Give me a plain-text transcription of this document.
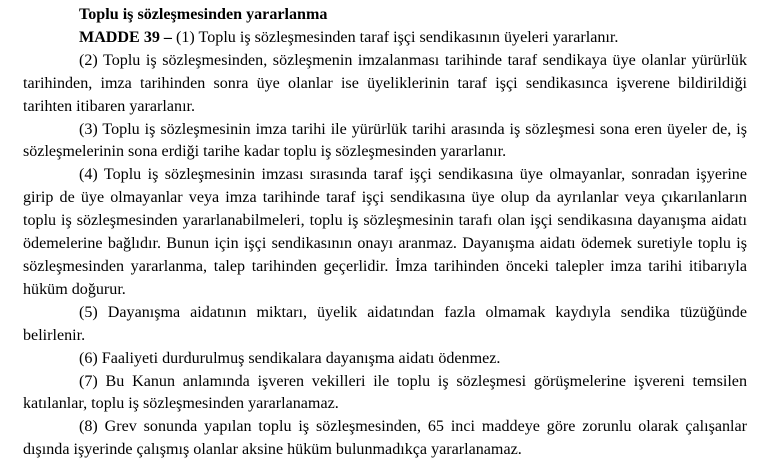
Toplu iş sözleşmesinden yararlanma

MADDE 39 – (1) Toplu iş sözleşmesinden taraf işçi sendikasının üyeleri yararlanır.

(2) Toplu iş sözleşmesinden, sözleşmenin imzalanması tarihinde taraf sendikaya üye olanlar yürürlük tarihinden, imza tarihinden sonra üye olanlar ise üyeliklerinin taraf işçi sendikasınca işverene bildirildiği tarihten itibaren yararlanır.

(3) Toplu iş sözleşmesinin imza tarihi ile yürürlük tarihi arasında iş sözleşmesi sona eren üyeler de, iş sözleşmelerinin sona erdiği tarihe kadar toplu iş sözleşmesinden yararlanır.

(4) Toplu iş sözleşmesinin imzası sırasında taraf işçi sendikasına üye olmayanlar, sonradan işyerine girip de üye olmayanlar veya imza tarihinde taraf işçi sendikasına üye olup da ayrılanlar veya çıkarılanların toplu iş sözleşmesinden yararlanabilmeleri, toplu iş sözleşmesinin tarafı olan işçi sendikasına dayanışma aidatı ödemelerine bağlıdır. Bunun için işçi sendikasının onayı aranmaz. Dayanışma aidatı ödemek suretiyle toplu iş sözleşmesinden yararlanma, talep tarihinden geçerlidir. İmza tarihinden önceki talepler imza tarihi itibarıyla hüküm doğurur.

(5) Dayanışma aidatının miktarı, üyelik aidatından fazla olmamak kaydıyla sendika tüzüğünde belirlenir.

(6) Faaliyeti durdurulmuş sendikalara dayanışma aidatı ödenmez.

(7) Bu Kanun anlamında işveren vekilleri ile toplu iş sözleşmesi görüşmelerine işvereni temsilen katılanlar, toplu iş sözleşmesinden yararlanamaz.

(8) Grev sonunda yapılan toplu iş sözleşmesinden, 65 inci maddeye göre zorunlu olarak çalışanlar dışında işyerinde çalışmış olanlar aksine hüküm bulunmadıkça yararlanamaz.
